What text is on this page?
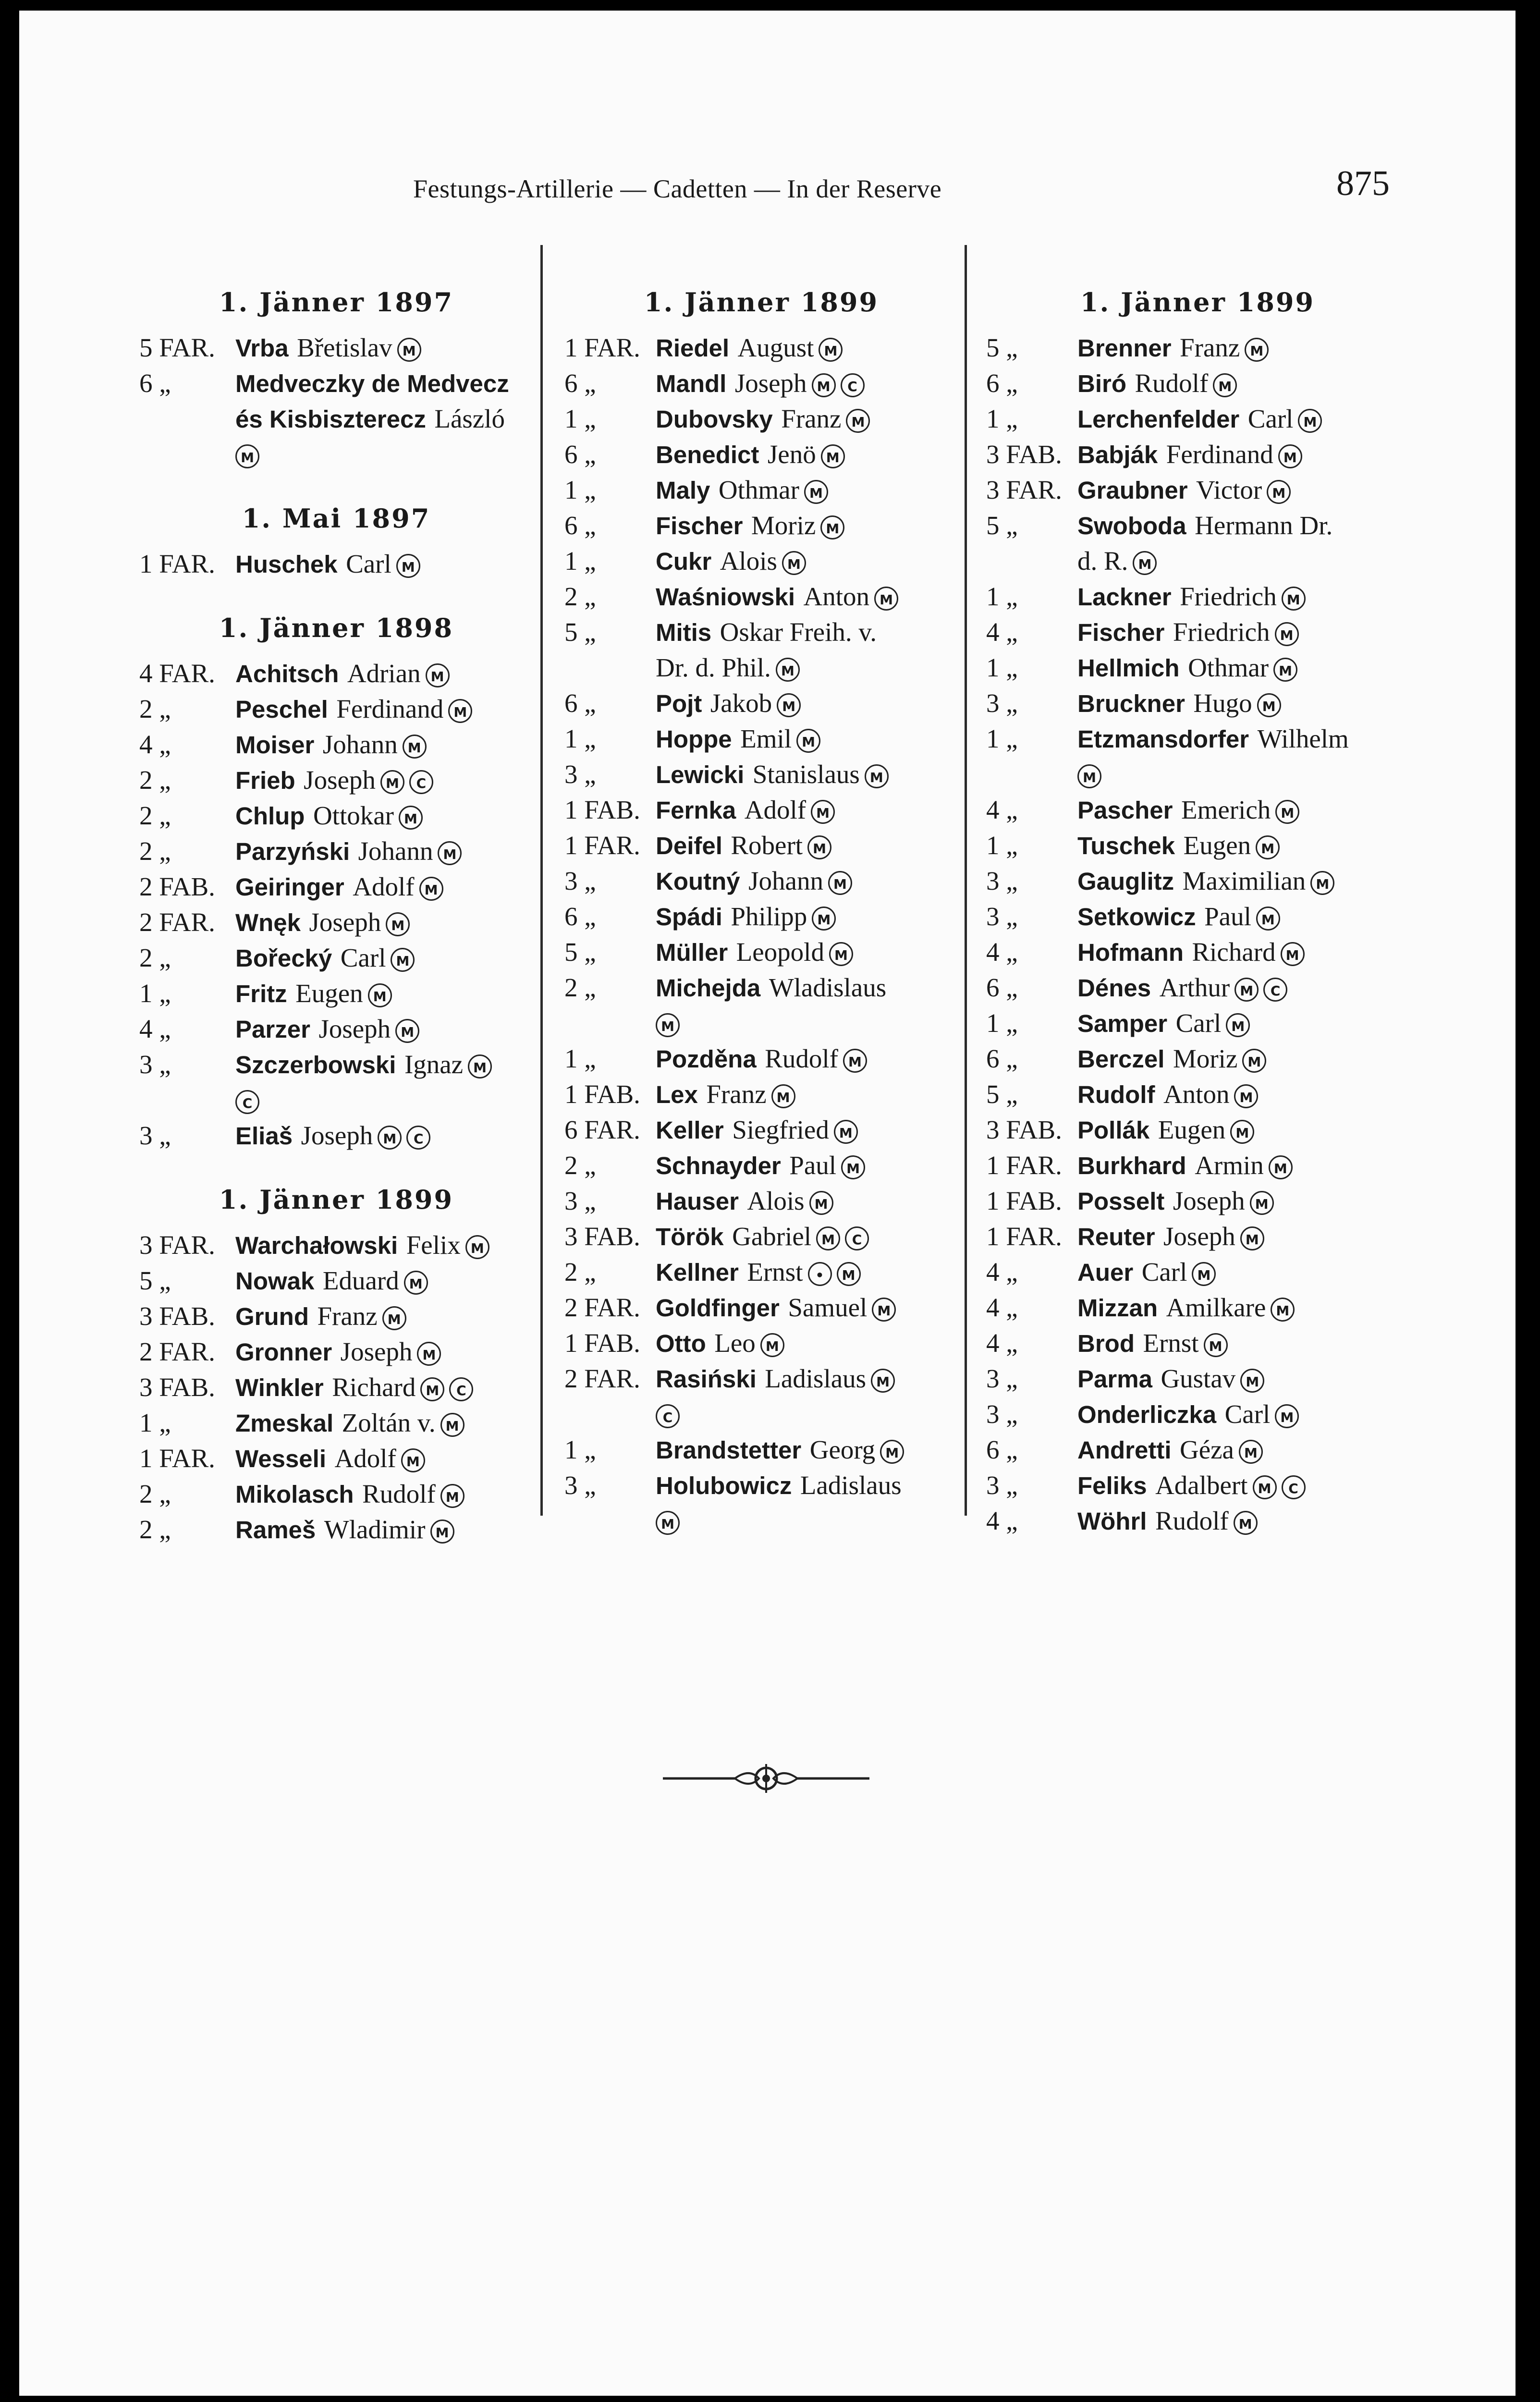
Festungs-Artillerie — Cadetten — In der Reserve	875
1. Jänner 1897
5 FAR. Vrba Břetislav M
6 „	Medveczky de Medvecz
és Kisbiszterecz László
M
1. Mai 1897
1 FAR. Huschek Carl M
1. Jänner 1898
4 FAR. Achitsch Adrian M
2 „	Peschel Ferdinand M
4 „	Moiser Johann M
2 „	Frieb Joseph M C
2 „	Chlup Ottokar M
2 „	Parzyński Johann M
2 FAB. Geiringer Adolf M
2 FAR. Wnęk Joseph M
2 „	Bořecký Carl M
1 „	Fritz Eugen M
4 „	Parzer Joseph M
3 „	Szczerbowski Ignaz M
C
3 „	Eliaš Joseph M C
1. Jänner 1899
3 FAR. Warchałowski Felix M
5 „	Nowak Eduard M
3 FAB. Grund Franz M
2 FAR. Gronner Joseph M
3 FAB. Winkler Richard M C
1 „	Zmeskal Zoltán v. M
1 FAR. Wesseli Adolf M
2 „	Mikolasch Rudolf M
2 „	Rameš Wladimir M
1. Jänner 1899
1 FAR. Riedel August M
6 „ Mandl Joseph M C
1 „ Dubovsky Franz M
6 „ Benedict Jenö M
1 „ Maly Othmar M
6 „ Fischer Moriz M
1 „ Cukr Alois M
2 „ Waśniowski Anton M
5 „ Mitis Oskar Freih. v.
Dr. d. Phil. M
6 „ Pojt Jakob M
1 „ Hoppe Emil M
3 „ Lewicki Stanislaus M
1 FAB. Fernka Adolf M
1 FAR. Deifel Robert M
3 „ Koutný Johann M
6 „ Spádi Philipp M
5 „ Müller Leopold M
2 „ Michejda Wladislaus
M
1 „ Pozděna Rudolf M
1 FAB. Lex Franz M
6 FAR. Keller Siegfried M
2 „ Schnayder Paul M
3 „ Hauser Alois M
3 FAB. Török Gabriel M C
2 „ Kellner Ernst • M
2 FAR. Goldfinger Samuel M
1 FAB. Otto Leo M
2 FAR. Rasiński Ladislaus M
C
1 „ Brandstetter Georg M
3 „ Holubowicz Ladislaus
M
1. Jänner 1899
5 „ Brenner Franz M
6 „ Biró Rudolf M
1 „ Lerchenfelder Carl M
3 FAB. Babják Ferdinand M
3 FAR. Graubner Victor M
5 „ Swoboda Hermann Dr.
d. R. M
1 „ Lackner Friedrich M
4 „ Fischer Friedrich M
1 „ Hellmich Othmar M
3 „ Bruckner Hugo M
1 „ Etzmansdorfer Wilhelm
M
4 „ Pascher Emerich M
1 „ Tuschek Eugen M
3 „ Gauglitz Maximilian M
3 „ Setkowicz Paul M
4 „ Hofmann Richard M
6 „ Dénes Arthur M C
1 „ Samper Carl M
6 „ Berczel Moriz M
5 „ Rudolf Anton M
3 FAB. Pollák Eugen M
1 FAR. Burkhard Armin M
1 FAB. Posselt Joseph M
1 FAR. Reuter Joseph M
4 „ Auer Carl M
4 „ Mizzan Amilkare M
4 „ Brod Ernst M
3 „ Parma Gustav M
3 „ Onderliczka Carl M
6 „ Andretti Géza M
3 „ Feliks Adalbert M C
4 „ Wöhrl Rudolf M
